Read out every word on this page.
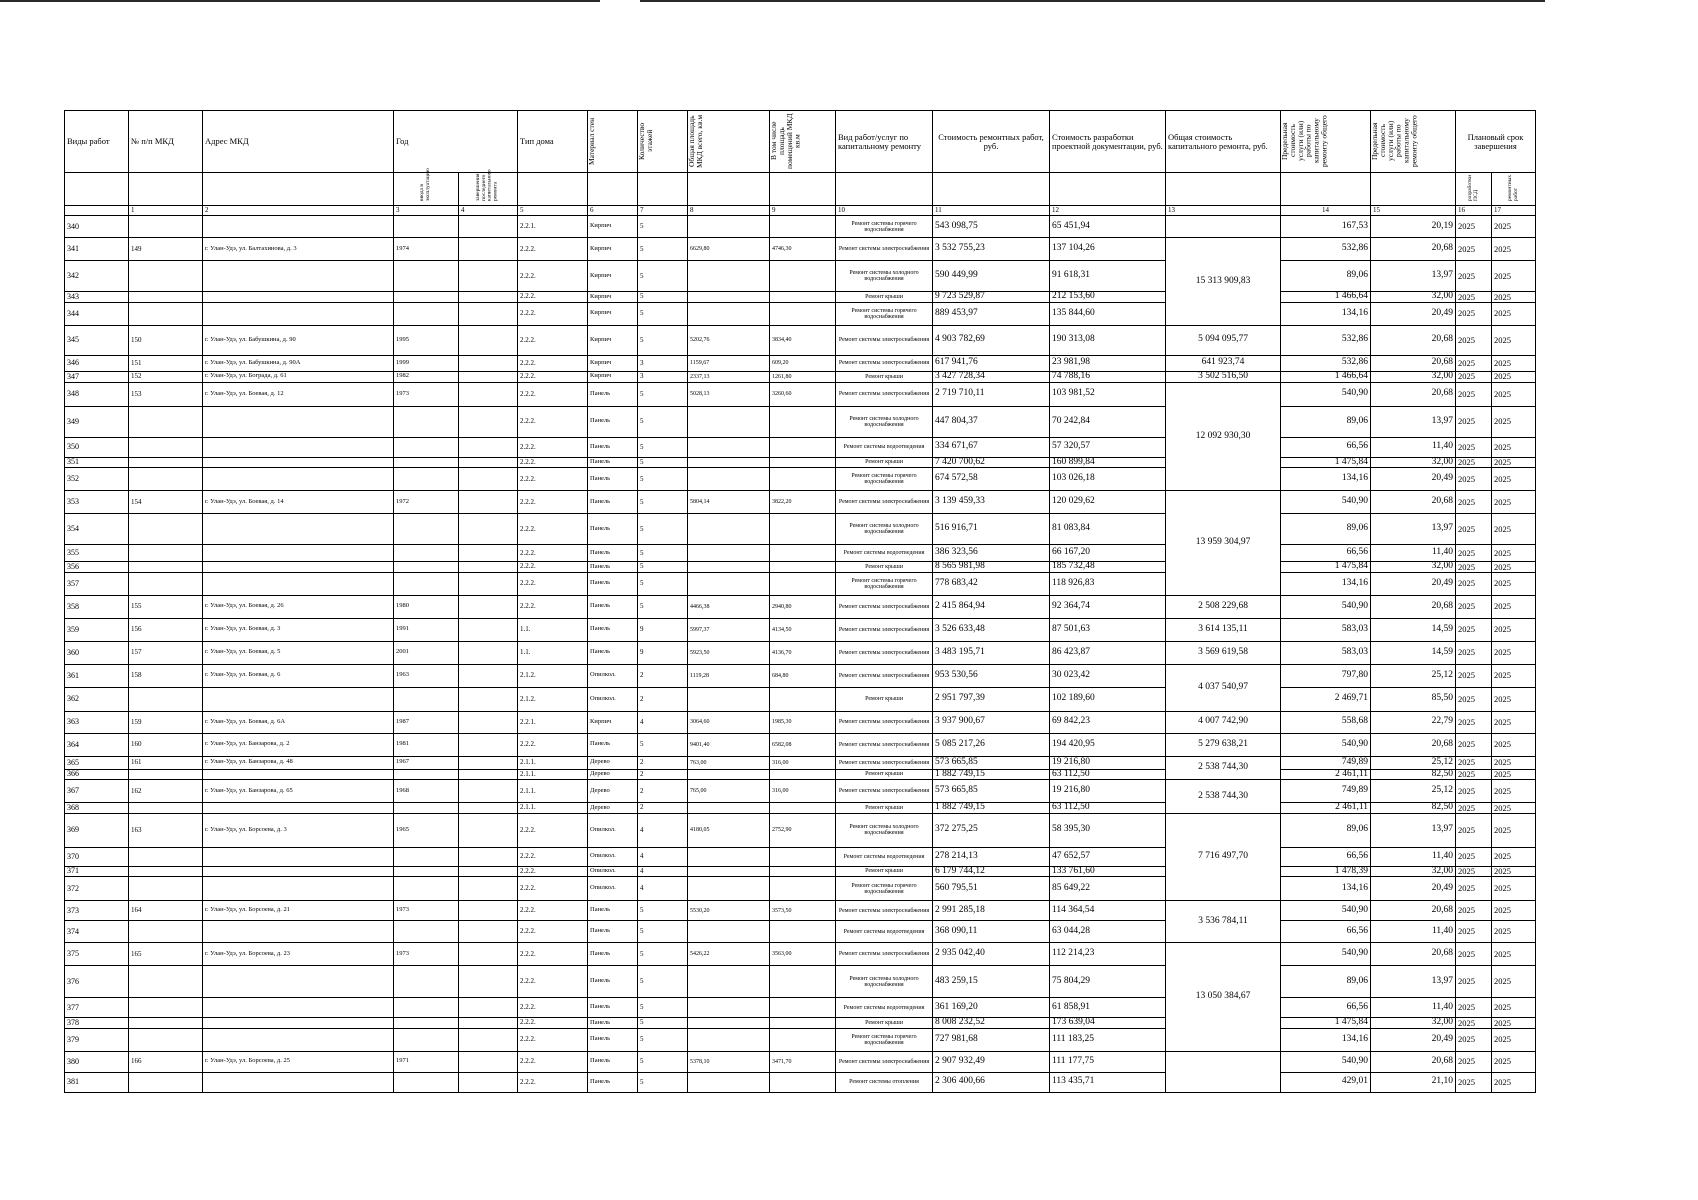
Виды работ	№ п/п МКД	Адрес МКД	Год		Тип дома	Материал стен	Количество этажей	Общая площадь МКД всего, кв.м	В том числе площадь помещений МКД кв.м	Вид работ/услуг по капитальному ремонту	Стоимость ремонтных работ, руб.	Стоимость разработки проектной документации, руб.	Общая стоимость капитального ремонта, руб.	Предельная стоимость услуги (или) работы по капитальному ремонту общего	Предельная стоимость услуги (или) работы по капитальному ремонту общего	Плановый срок завершения	
			ввода в эксплуатацию	завершения последнего капитального ремонта												разработки ПСД	ремонтных работ
	1	2	3	4	5	6	7	8	9	10	11	12	13	14	15	16	17
340					2.2.1.	Кирпич	5			Ремонт системы горячего водоснабжения	543 098,75	65 451,94		167,53	20,19	2025	2025
341	149	г. Улан-Удэ, ул. Балтахинова, д. 3	1974		2.2.2.	Кирпич	5	6629,80	4746,30	Ремонт системы электроснабжения	3 532 755,23	137 104,26	15 313 909,83	532,86	20,68	2025	2025
342					2.2.2.	Кирпич	5			Ремонт системы холодного водоснабжения	590 449,99	91 618,31		89,06	13,97	2025	2025
343					2.2.2.	Кирпич	5			Ремонт крыши	9 723 529,87	212 153,60		1 466,64	32,00	2025	2025
344					2.2.2.	Кирпич	5			Ремонт системы горячего водоснабжения	889 453,97	135 844,60		134,16	20,49	2025	2025
345	150	г. Улан-Удэ, ул. Бабушкина, д. 90	1995		2.2.2.	Кирпич	5	5202,76	3834,40	Ремонт системы электроснабжения	4 903 782,69	190 313,08	5 094 095,77	532,86	20,68	2025	2025
346	151	г. Улан-Удэ, ул. Бабушкина, д. 90А	1999		2.2.2.	Кирпич	3	1159,67	609,20	Ремонт системы электроснабжения	617 941,76	23 981,98	641 923,74	532,86	20,68	2025	2025
347	152	г. Улан-Удэ, ул. Бограда, д. 61	1982		2.2.2.	Кирпич	3	2337,13	1261,80	Ремонт крыши	3 427 728,34	74 788,16	3 502 516,50	1 466,64	32,00	2025	2025
348	153	г. Улан-Удэ, ул. Боевая, д. 12	1973		2.2.2.	Панель	5	5028,13	3260,60	Ремонт системы электроснабжения	2 719 710,11	103 981,52	12 092 930,30	540,90	20,68	2025	2025
349					2.2.2.	Панель	5			Ремонт системы холодного водоснабжения	447 804,37	70 242,84		89,06	13,97	2025	2025
350					2.2.2.	Панель	5			Ремонт системы водоотведения	334 671,67	57 320,57		66,56	11,40	2025	2025
351					2.2.2.	Панель	5			Ремонт крыши	7 420 700,62	160 899,84		1 475,84	32,00	2025	2025
352					2.2.2.	Панель	5			Ремонт системы горячего водоснабжения	674 572,58	103 026,18		134,16	20,49	2025	2025
353	154	г. Улан-Удэ, ул. Боевая, д. 14	1972		2.2.2.	Панель	5	5804,14	3822,20	Ремонт системы электроснабжения	3 139 459,33	120 029,62	13 959 304,97	540,90	20,68	2025	2025
354					2.2.2.	Панель	5			Ремонт системы холодного водоснабжения	516 916,71	81 083,84		89,06	13,97	2025	2025
355					2.2.2.	Панель	5			Ремонт системы водоотведения	386 323,56	66 167,20		66,56	11,40	2025	2025
356					2.2.2.	Панель	5			Ремонт крыши	8 565 981,98	185 732,48		1 475,84	32,00	2025	2025
357					2.2.2.	Панель	5			Ремонт системы горячего водоснабжения	778 683,42	118 926,83		134,16	20,49	2025	2025
358	155	г. Улан-Удэ, ул. Боевая, д. 26	1980		2.2.2.	Панель	5	4466,38	2940,80	Ремонт системы электроснабжения	2 415 864,94	92 364,74	2 508 229,68	540,90	20,68	2025	2025
359	156	г. Улан-Удэ, ул. Боевая, д. 3	1991		1.1.	Панель	9	5997,37	4134,50	Ремонт системы электроснабжения	3 526 633,48	87 501,63	3 614 135,11	583,03	14,59	2025	2025
360	157	г. Улан-Удэ, ул. Боевая, д. 5	2001		1.1.	Панель	9	5923,50	4136,70	Ремонт системы электроснабжения	3 483 195,71	86 423,87	3 569 619,58	583,03	14,59	2025	2025
361	158	г. Улан-Удэ, ул. Боевая, д. 6	1963		2.1.2.	Опилкол.	2	1119,28	684,80	Ремонт системы электроснабжения	953 530,56	30 023,42	4 037 540,97	797,80	25,12	2025	2025
362					2.1.2.	Опилкол.	2			Ремонт крыши	2 951 797,39	102 189,60		2 469,71	85,50	2025	2025
363	159	г. Улан-Удэ, ул. Боевая, д. 6А	1987		2.2.1.	Кирпич	4	3064,60	1985,30	Ремонт системы электроснабжения	3 937 900,67	69 842,23	4 007 742,90	558,68	22,79	2025	2025
364	160	г. Улан-Удэ, ул. Банзарова, д. 2	1981		2.2.2.	Панель	5	9401,40	6582,08	Ремонт системы электроснабжения	5 085 217,26	194 420,95	5 279 638,21	540,90	20,68	2025	2025
365	161	г. Улан-Удэ, ул. Банзарова, д. 48	1967		2.1.1.	Дерево	2	763,00	316,00	Ремонт системы электроснабжения	573 665,85	19 216,80	2 538 744,30	749,89	25,12	2025	2025
366					2.1.1.	Дерево	2			Ремонт крыши	1 882 749,15	63 112,50		2 461,11	82,50	2025	2025
367	162	г. Улан-Удэ, ул. Банзарова, д. 65	1968		2.1.1.	Дерево	2	765,00	316,00	Ремонт системы электроснабжения	573 665,85	19 216,80	2 538 744,30	749,89	25,12	2025	2025
368					2.1.1.	Дерево	2			Ремонт крыши	1 882 749,15	63 112,50		2 461,11	82,50	2025	2025
369	163	г. Улан-Удэ, ул. Борсоева, д. 3	1965		2.2.2.	Опилкол.	4	4180,05	2752,90	Ремонт системы холодного водоснабжения	372 275,25	58 395,30	7 716 497,70	89,06	13,97	2025	2025
370					2.2.2.	Опилкол.	4			Ремонт системы водоотведения	278 214,13	47 652,57		66,56	11,40	2025	2025
371					2.2.2.	Опилкол.	4			Ремонт крыши	6 179 744,12	133 761,60		1 478,39	32,00	2025	2025
372					2.2.2.	Опилкол.	4			Ремонт системы горячего водоснабжения	560 795,51	85 649,22		134,16	20,49	2025	2025
373	164	г. Улан-Удэ, ул. Борсоева, д. 21	1973		2.2.2.	Панель	5	5530,20	3573,50	Ремонт системы электроснабжения	2 991 285,18	114 364,54	3 536 784,11	540,90	20,68	2025	2025
374					2.2.2.	Панель	5			Ремонт системы водоотведения	368 090,11	63 044,28		66,56	11,40	2025	2025
375	165	г. Улан-Удэ, ул. Борсоева, д. 23	1973		2.2.2.	Панель	5	5426,22	3563,00	Ремонт системы электроснабжения	2 935 042,40	112 214,23	13 050 384,67	540,90	20,68	2025	2025
376					2.2.2.	Панель	5			Ремонт системы холодного водоснабжения	483 259,15	75 804,29		89,06	13,97	2025	2025
377					2.2.2.	Панель	5			Ремонт системы водоотведения	361 169,20	61 858,91		66,56	11,40	2025	2025
378					2.2.2.	Панель	5			Ремонт крыши	8 008 232,52	173 639,04		1 475,84	32,00	2025	2025
379					2.2.2.	Панель	5			Ремонт системы горячего водоснабжения	727 981,68	111 183,25		134,16	20,49	2025	2025
380	166	г. Улан-Удэ, ул. Борсоева, д. 25	1971		2.2.2.	Панель	5	5378,10	3471,70	Ремонт системы электроснабжения	2 907 932,49	111 177,75		540,90	20,68	2025	2025
381					2.2.2.	Панель	5			Ремонт системы отопления	2 306 400,66	113 435,71		429,01	21,10	2025	2025
